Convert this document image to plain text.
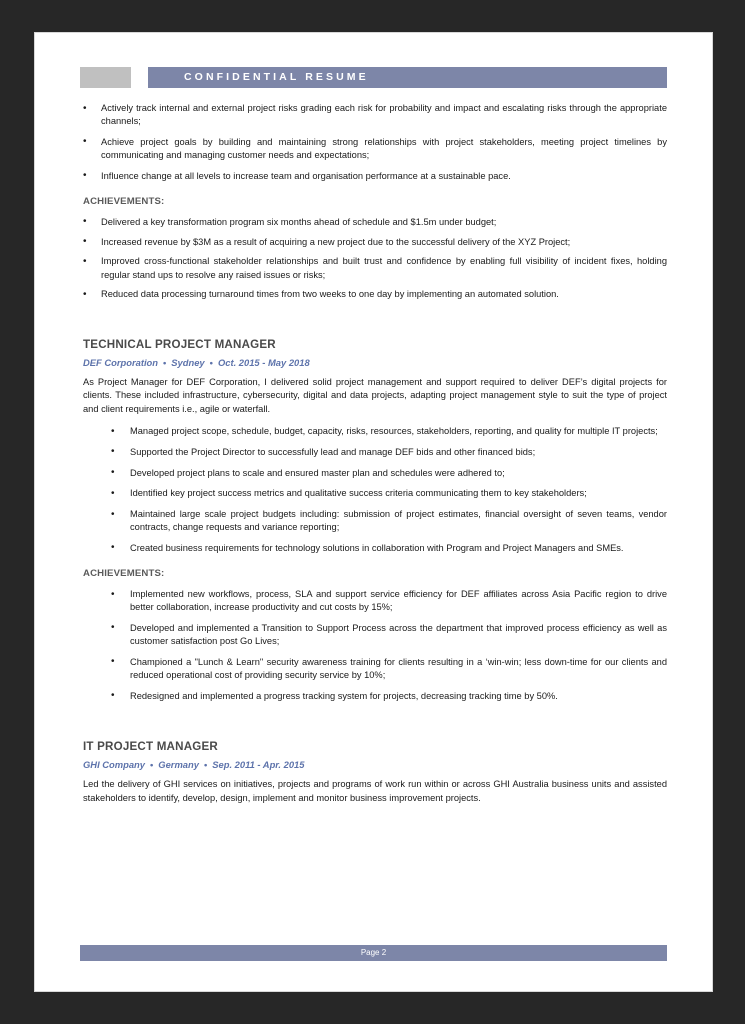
CONFIDENTIAL RESUME
• Actively track internal and external project risks grading each risk for probability and impact and escalating risks through the appropriate channels;
• Achieve project goals by building and maintaining strong relationships with project stakeholders, meeting project timelines by communicating and managing customer needs and expectations;
• Influence change at all levels to increase team and organisation performance at a sustainable pace.
ACHIEVEMENTS:
• Delivered a key transformation program six months ahead of schedule and $1.5m under budget;
• Increased revenue by $3M as a result of acquiring a new project due to the successful delivery of the XYZ Project;
• Improved cross-functional stakeholder relationships and built trust and confidence by enabling full visibility of incident fixes, holding regular stand ups to resolve any raised issues or risks;
• Reduced data processing turnaround times from two weeks to one day by implementing an automated solution.
TECHNICAL PROJECT MANAGER
DEF Corporation • Sydney • Oct. 2015 - May 2018
As Project Manager for DEF Corporation, I delivered solid project management and support required to deliver DEF’s digital projects for clients. These included infrastructure, cybersecurity, digital and data projects, adapting project management style to suit the type of project and client requirements i.e., agile or waterfall.
• Managed project scope, schedule, budget, capacity, risks, resources, stakeholders, reporting, and quality for multiple IT projects;
• Supported the Project Director to successfully lead and manage DEF bids and other financed bids;
• Developed project plans to scale and ensured master plan and schedules were adhered to;
• Identified key project success metrics and qualitative success criteria communicating them to key stakeholders;
• Maintained large scale project budgets including: submission of project estimates, financial oversight of seven teams, vendor contracts, change requests and variance reporting;
• Created business requirements for technology solutions in collaboration with Program and Project Managers and SMEs.
ACHIEVEMENTS:
• Implemented new workflows, process, SLA and support service efficiency for DEF affiliates across Asia Pacific region to drive better collaboration, increase productivity and cut costs by 15%;
• Developed and implemented a Transition to Support Process across the department that improved process efficiency as well as customer satisfaction post Go Lives;
• Championed a "Lunch & Learn" security awareness training for clients resulting in a ‘win-win; less down-time for our clients and reduced operational cost of providing security service by 10%;
• Redesigned and implemented a progress tracking system for projects, decreasing tracking time by 50%.
IT PROJECT MANAGER
GHI Company • Germany • Sep. 2011 - Apr. 2015
Led the delivery of GHI services on initiatives, projects and programs of work run within or across GHI Australia business units and assisted stakeholders to identify, develop, design, implement and monitor business improvement projects.
Page 2
